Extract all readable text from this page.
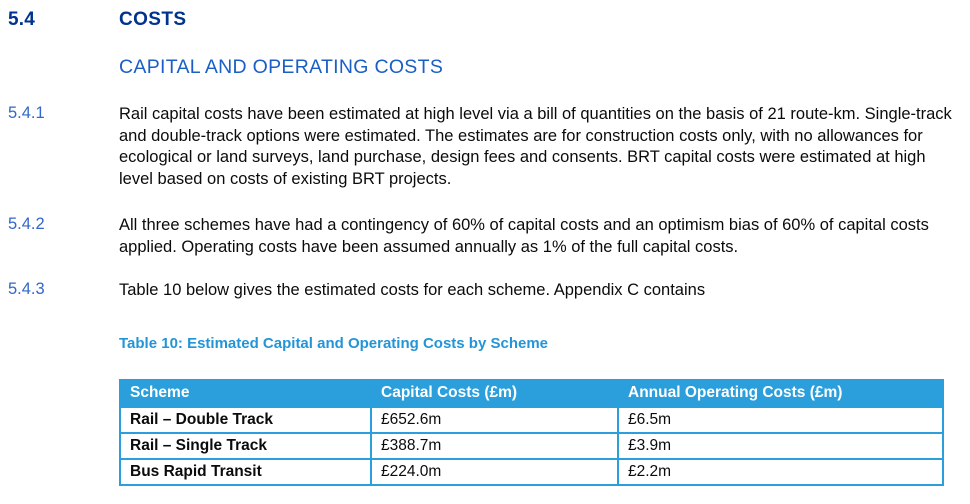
5.4	COSTS
CAPITAL AND OPERATING COSTS
5.4.1	Rail capital costs have been estimated at high level via a bill of quantities on the basis of 21 route-km. Single-track and double-track options were estimated. The estimates are for construction costs only, with no allowances for ecological or land surveys, land purchase, design fees and consents. BRT capital costs were estimated at high level based on costs of existing BRT projects.

5.4.2	All three schemes have had a contingency of 60% of capital costs and an optimism bias of 60% of capital costs applied. Operating costs have been assumed annually as 1% of the full capital costs.

5.4.3	Table 10 below gives the estimated costs for each scheme. Appendix C contains

Table 10: Estimated Capital and Operating Costs by Scheme
Scheme	Capital Costs (£m)	Annual Operating Costs (£m)
Rail – Double Track	£652.6m	£6.5m
Rail – Single Track	£388.7m	£3.9m
Bus Rapid Transit	£224.0m	£2.2m
